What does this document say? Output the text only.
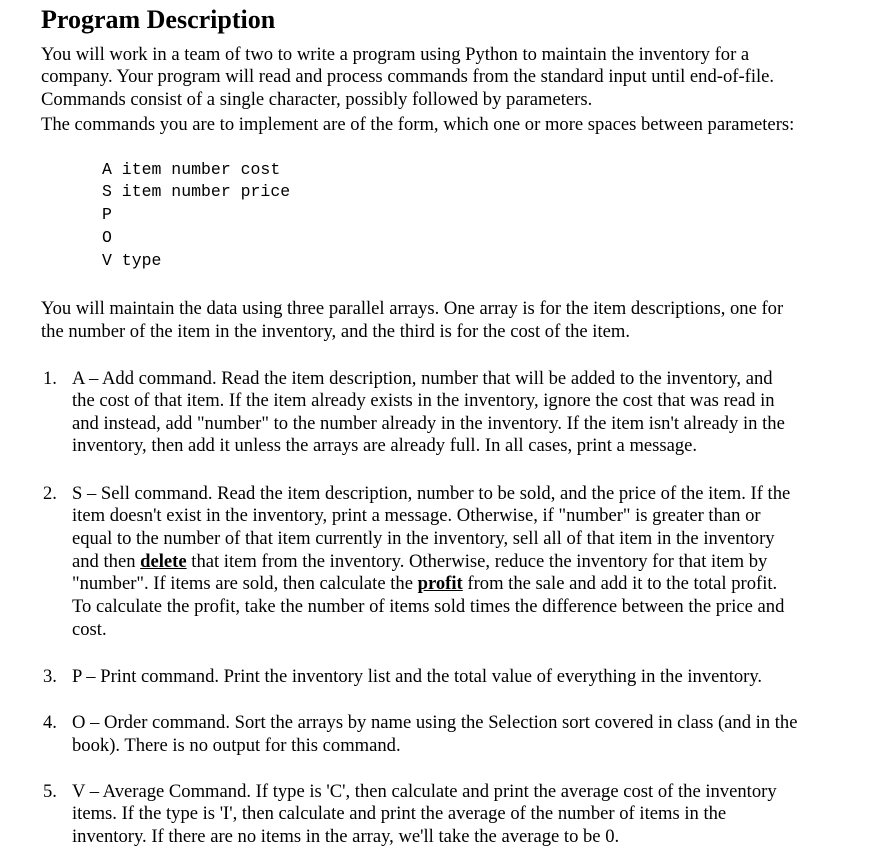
Program Description
You will work in a team of two to write a program using Python to maintain the inventory for a
company. Your program will read and process commands from the standard input until end-of-file.
Commands consist of a single character, possibly followed by parameters.
The commands you are to implement are of the form, which one or more spaces between parameters:
A item number cost
S item number price
P
O
V type
You will maintain the data using three parallel arrays. One array is for the item descriptions, one for
the number of the item in the inventory, and the third is for the cost of the item.
1. A – Add command. Read the item description, number that will be added to the inventory, and
the cost of that item. If the item already exists in the inventory, ignore the cost that was read in
and instead, add "number" to the number already in the inventory. If the item isn't already in the
inventory, then add it unless the arrays are already full. In all cases, print a message.
2. S – Sell command. Read the item description, number to be sold, and the price of the item. If the
item doesn't exist in the inventory, print a message. Otherwise, if "number" is greater than or
equal to the number of that item currently in the inventory, sell all of that item in the inventory
and then delete that item from the inventory. Otherwise, reduce the inventory for that item by
"number". If items are sold, then calculate the profit from the sale and add it to the total profit.
To calculate the profit, take the number of items sold times the difference between the price and
cost.
3. P – Print command. Print the inventory list and the total value of everything in the inventory.
4. O – Order command. Sort the arrays by name using the Selection sort covered in class (and in the
book). There is no output for this command.
5. V – Average Command. If type is 'C', then calculate and print the average cost of the inventory
items. If the type is 'I', then calculate and print the average of the number of items in the
inventory. If there are no items in the array, we'll take the average to be 0.
